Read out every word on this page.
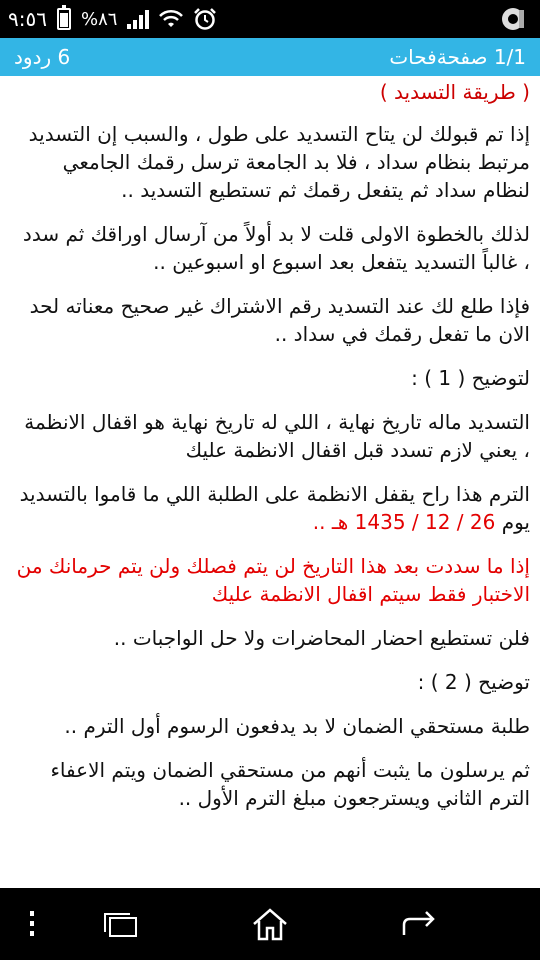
٩:٥٦ %٨٦
1/1 صفحةفحات
6 ردود

( طريقة التسديد )

إذا تم قبولك لن يتاح التسديد على طول ، والسبب إن التسديد مرتبط بنظام سداد ، فلا بد الجامعة ترسل رقمك الجامعي لنظام سداد ثم يتفعل رقمك ثم تستطيع التسديد ..

لذلك بالخطوة الاولى قلت لا بد أولاً من آرسال اوراقك ثم سدد ، غالباً التسديد يتفعل بعد اسبوع او اسبوعين ..

فإذا طلع لك عند التسديد رقم الاشتراك غير صحيح معناته لحد الان ما تفعل رقمك في سداد ..

لتوضيح ( 1 ) :

التسديد ماله تاريخ نهاية ، اللي له تاريخ نهاية هو اقفال الانظمة ، يعني لازم تسدد قبل اقفال الانظمة عليك

الترم هذا راح يقفل الانظمة على الطلبة اللي ما قاموا بالتسديد يوم 26 / 12 / 1435 هـ ..

إذا ما سددت بعد هذا التاريخ لن يتم فصلك ولن يتم حرمانك من الاختبار فقط سيتم اقفال الانظمة عليك

فلن تستطيع احضار المحاضرات ولا حل الواجبات ..

توضيح ( 2 ) :

طلبة مستحقي الضمان لا بد يدفعون الرسوم أول الترم ..

ثم يرسلون ما يثبت أنهم من مستحقي الضمان ويتم الاعفاء الترم الثاني ويسترجعون مبلغ الترم الأول ..
